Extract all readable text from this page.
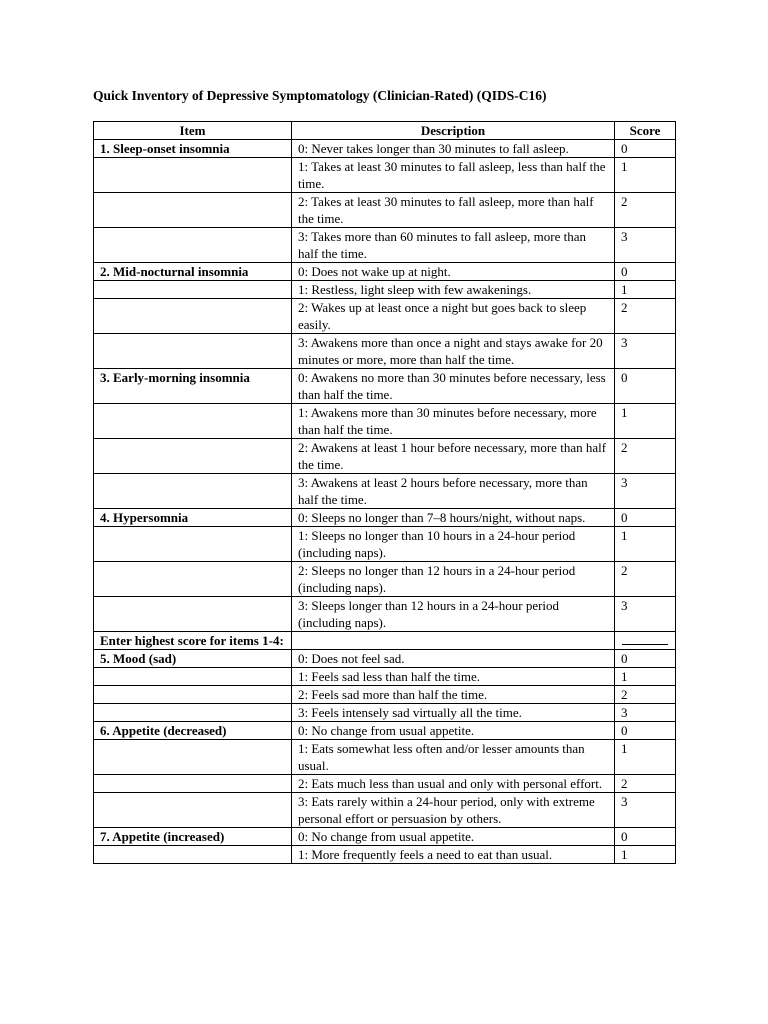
Quick Inventory of Depressive Symptomatology (Clinician-Rated) (QIDS-C16)
Item	Description	Score
1. Sleep-onset insomnia	0: Never takes longer than 30 minutes to fall asleep.	0
	1: Takes at least 30 minutes to fall asleep, less than half the time.	1
	2: Takes at least 30 minutes to fall asleep, more than half the time.	2
	3: Takes more than 60 minutes to fall asleep, more than half the time.	3
2. Mid-nocturnal insomnia	0: Does not wake up at night.	0
	1: Restless, light sleep with few awakenings.	1
	2: Wakes up at least once a night but goes back to sleep easily.	2
	3: Awakens more than once a night and stays awake for 20 minutes or more, more than half the time.	3
3. Early-morning insomnia	0: Awakens no more than 30 minutes before necessary, less than half the time.	0
	1: Awakens more than 30 minutes before necessary, more than half the time.	1
	2: Awakens at least 1 hour before necessary, more than half the time.	2
	3: Awakens at least 2 hours before necessary, more than half the time.	3
4. Hypersomnia	0: Sleeps no longer than 7–8 hours/night, without naps.	0
	1: Sleeps no longer than 10 hours in a 24-hour period (including naps).	1
	2: Sleeps no longer than 12 hours in a 24-hour period (including naps).	2
	3: Sleeps longer than 12 hours in a 24-hour period (including naps).	3
Enter highest score for items 1-4:		
5. Mood (sad)	0: Does not feel sad.	0
	1: Feels sad less than half the time.	1
	2: Feels sad more than half the time.	2
	3: Feels intensely sad virtually all the time.	3
6. Appetite (decreased)	0: No change from usual appetite.	0
	1: Eats somewhat less often and/or lesser amounts than usual.	1
	2: Eats much less than usual and only with personal effort.	2
	3: Eats rarely within a 24-hour period, only with extreme personal effort or persuasion by others.	3
7. Appetite (increased)	0: No change from usual appetite.	0
	1: More frequently feels a need to eat than usual.	1
